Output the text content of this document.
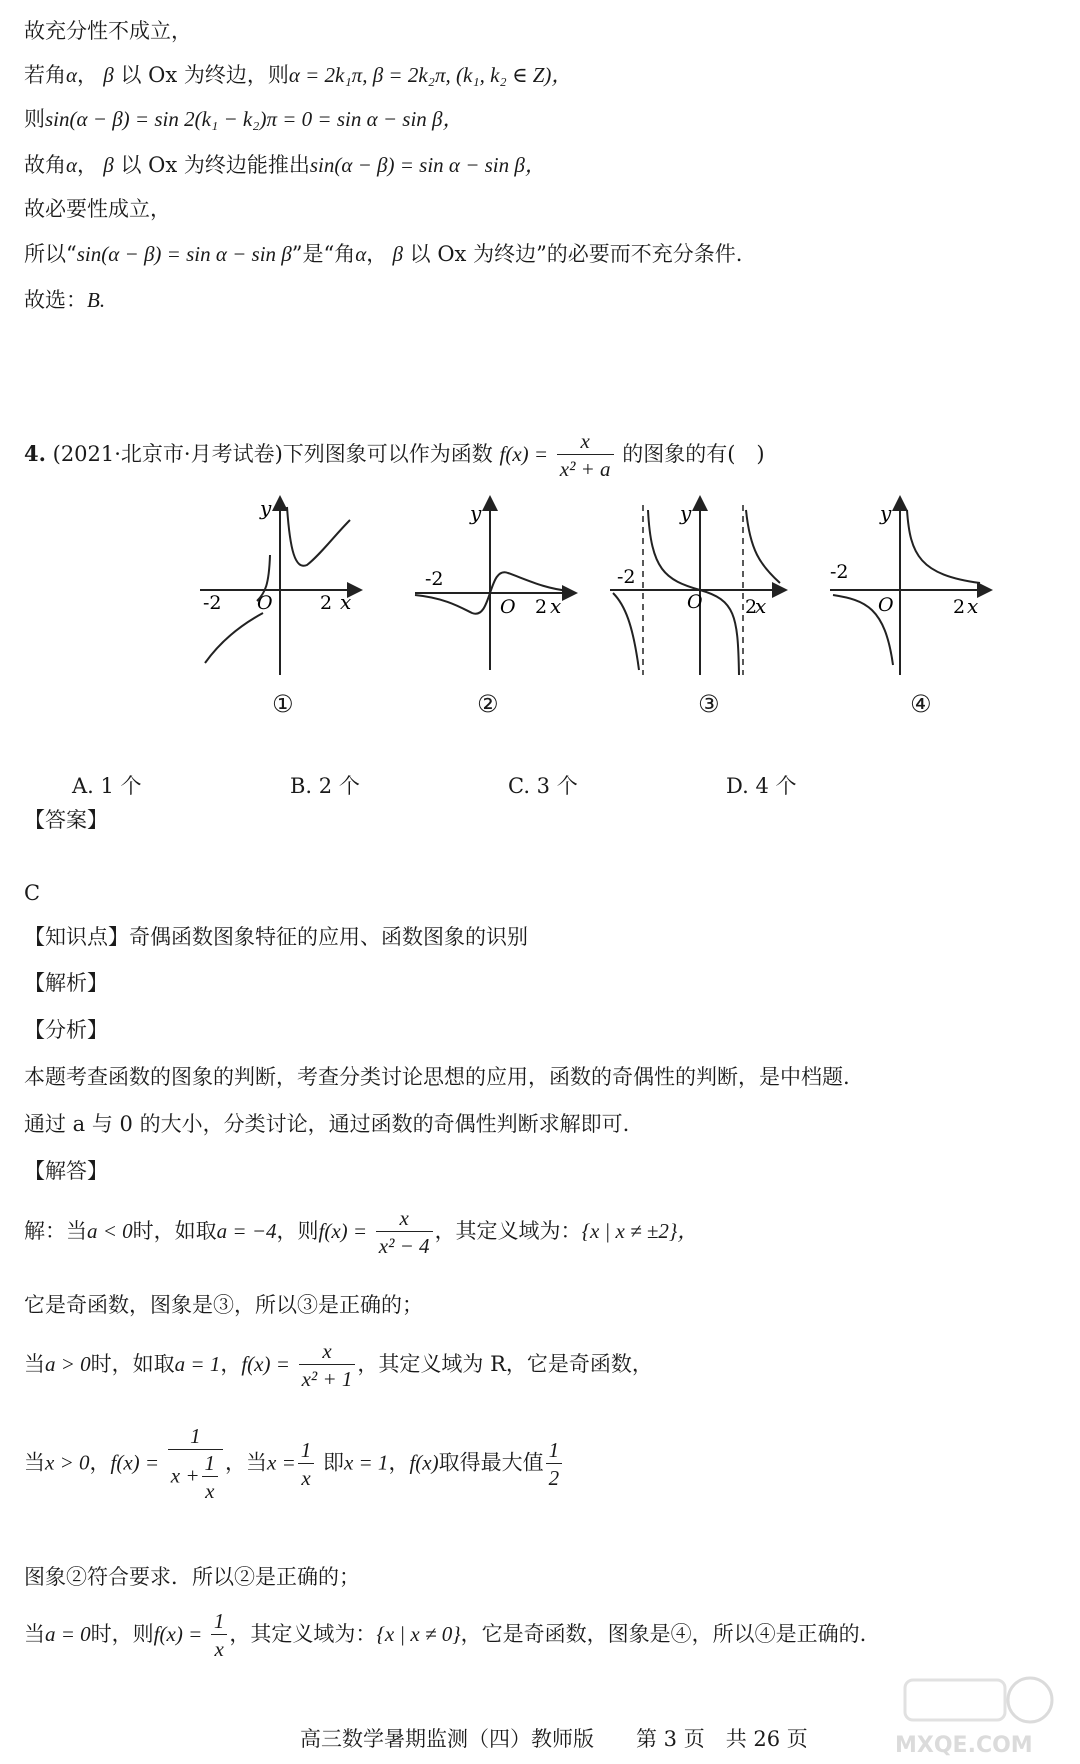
故充分性不成立，
若角α， β 以 Ox 为终边，则α = 2k₁π, β = 2k₂π, (k₁, k₂ ∈ Z)，
则sin(α − β) = sin 2(k₁ − k₂)π = 0 = sin α − sin β，
故角α， β 以 Ox 为终边能推出sin(α − β) = sin α − sin β，
故必要性成立，
所以“sin(α − β) = sin α − sin β”是“角α， β 以 Ox 为终边”的必要而不充分条件.
故选：B.
4. (2021·北京市·月考试卷)下列图象可以作为函数 $f(x) = \frac{x}{\text{x² + a}}$ 的图象的有(　)
y
x
-2	2
O
y
x
-2
2
O
y
x
-2
2
O
y
x
-2
2
O
①	②	③	④
A. 1 个	B. 2 个	C. 3 个	D. 4 个
【答案】
C
【知识点】奇偶函数图象特征的应用、函数图象的识别
【解析】
【分析】
本题考查函数的图象的判断，考查分类讨论思想的应用，函数的奇偶性的判断，是中档题.
通过 a 与 0 的大小，分类讨论，通过函数的奇偶性判断求解即可.
【解答】
解：当a < 0时，如取a = −4，则$f(x) = \frac{x}{\text{x² − 4}}$ ，其定义域为：{x | x ≠ ±2}，
它是奇函数，图象是③，所以③是正确的；
当a > 0时，如取a = 1，$f(x) = \frac{x}{\text{x² + 1}}$ ，其定义域为 R，它是奇函数，
当x > 0，$f(x) = \frac{1}{x + \frac{1}{x}}$ ，当$x = \frac{1}{x}$ 即x = 1，f(x)取得最大值 $\frac{1}{2}$
图象②符合要求．所以②是正确的；
当a = 0时，则$f(x) = \frac{1}{x}$ ，其定义域为：{x | x ≠ 0}，它是奇函数，图象是④，所以④是正确的.
高三数学暑期监测（四）教师版　　第 3 页　共 26 页	MXQE.COM
